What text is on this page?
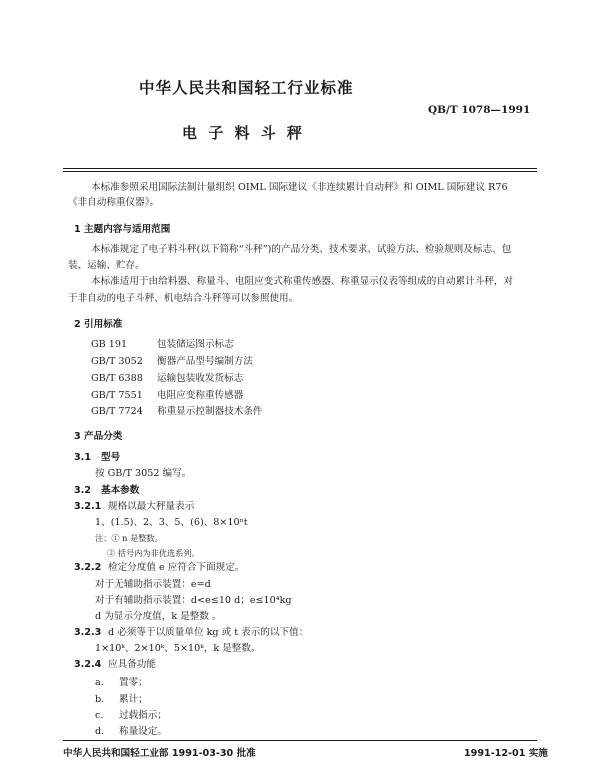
中华人民共和国轻工行业标准
QB/T 1078—1991
电 子 料 斗 秤
本标准参照采用国际法制计量组织 OIML 国际建议《非连续累计自动秤》和 OIML 国际建议 R76
《非自动称重仪器》。
1 主题内容与适用范围
本标准规定了电子料斗秤(以下简称“斗秤”)的产品分类、技术要求、试验方法、检验规则及标志、包
装、运输、贮存。
本标准适用于由给料器、称量斗、电阻应变式称重传感器、称重显示仪表等组成的自动累计斗秤，对
于非自动的电子斗秤、机电结合斗秤等可以参照使用。
2 引用标准
GB 191	包装储运图示标志
GB/T 3052 衡器产品型号编制方法
GB/T 6388 运输包装收发货标志
GB/T 7551 电阻应变称重传感器
GB/T 7724 称重显示控制器技术条件
3 产品分类
3.1 型号
按 GB/T 3052 编写。
3.2 基本参数
3.2.1 规格以最大秤量表示
1、(1.5)、2、3、5、(6)、8×10ⁿt
注：① n 是整数。
② 括号内为非优选系列。
3.2.2 检定分度值 e 应符合下面规定。
对于无辅助指示装置：e=d
对于有辅助指示装置：d<e≤10 d；e≤10⁴kg
d 为显示分度值，k 是整数 。
3.2.3 d 必须等于以质量单位 kg 或 t 表示的以下值：
1×10ᵏ、2×10ᵏ、5×10ᵏ，k 是整数。
3.2.4 应具备功能
a. 置零；
b. 累计；
c. 过载指示；
d. 称量设定。
中华人民共和国轻工业部 1991-03-30 批准	1991-12-01 实施
